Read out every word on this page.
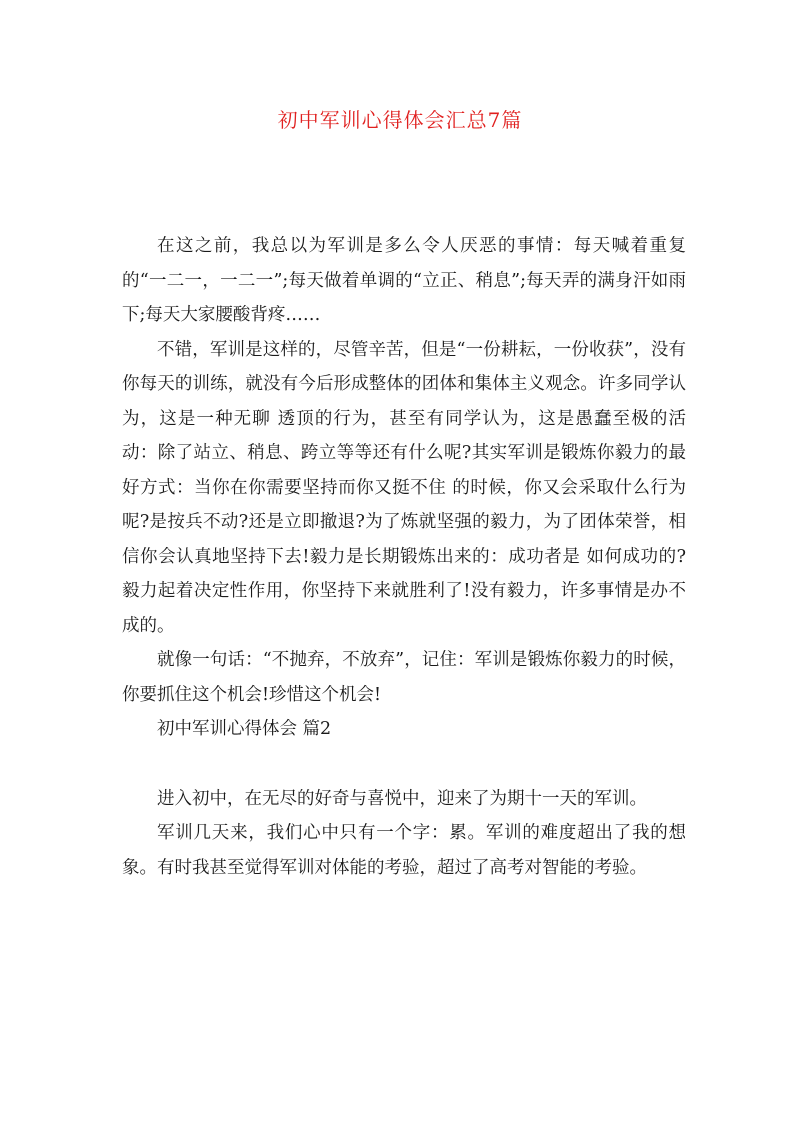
初中军训心得体会汇总7篇

在这之前，我总以为军训是多么令人厌恶的事情：每天喊着重复的“一二一，一二一”;每天做着单调的“立正、稍息”;每天弄的满身汗如雨下;每天大家腰酸背疼……

不错，军训是这样的，尽管辛苦，但是“一份耕耘，一份收获”，没有你每天的训练，就没有今后形成整体的团体和集体主义观念。许多同学认为，这是一种无聊 透顶的行为，甚至有同学认为，这是愚蠢至极的活动：除了站立、稍息、跨立等等还有什么呢?其实军训是锻炼你毅力的最好方式：当你在你需要坚持而你又挺不住 的时候，你又会采取什么行为呢?是按兵不动?还是立即撤退?为了炼就坚强的毅力，为了团体荣誉，相信你会认真地坚持下去!毅力是长期锻炼出来的：成功者是 如何成功的?毅力起着决定性作用，你坚持下来就胜利了!没有毅力，许多事情是办不成的。

就像一句话：“不抛弃，不放弃”，记住：军训是锻炼你毅力的时候，你要抓住这个机会!珍惜这个机会!

初中军训心得体会 篇2

进入初中，在无尽的好奇与喜悦中，迎来了为期十一天的军训。

军训几天来，我们心中只有一个字：累。军训的难度超出了我的想象。有时我甚至觉得军训对体能的考验，超过了高考对智能的考验。
